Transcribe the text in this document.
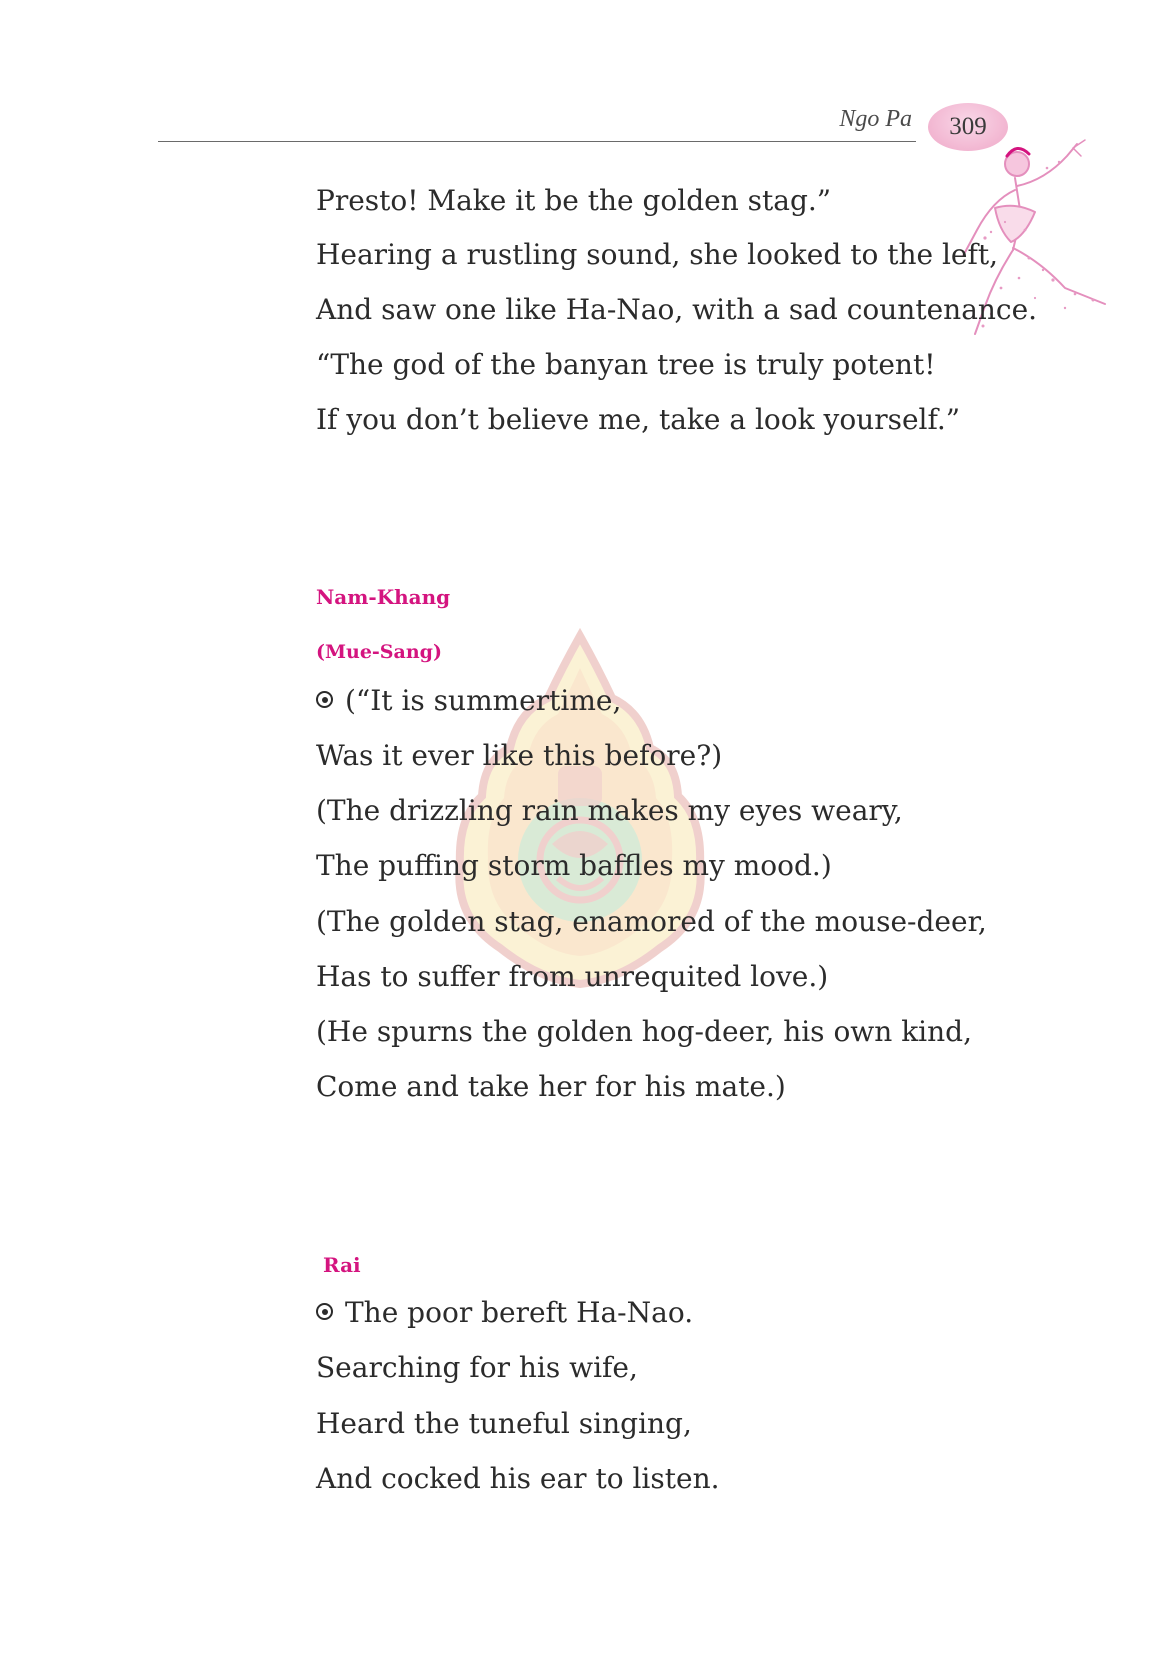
Ngo Pa	309
Presto! Make it be the golden stag.”
Hearing a rustling sound, she looked to the left,
And saw one like Ha-Nao, with a sad countenance.
“The god of the banyan tree is truly potent!
If you don’t believe me, take a look yourself.”
Nam-Khang
(Mue-Sang)
(“It is summertime,
Was it ever like this before?)
(The drizzling rain makes my eyes weary,
The puffing storm baffles my mood.)
(The golden stag, enamored of the mouse-deer,
Has to suffer from unrequited love.)
(He spurns the golden hog-deer, his own kind,
Come and take her for his mate.)
Rai
The poor bereft Ha-Nao.
Searching for his wife,
Heard the tuneful singing,
And cocked his ear to listen.
